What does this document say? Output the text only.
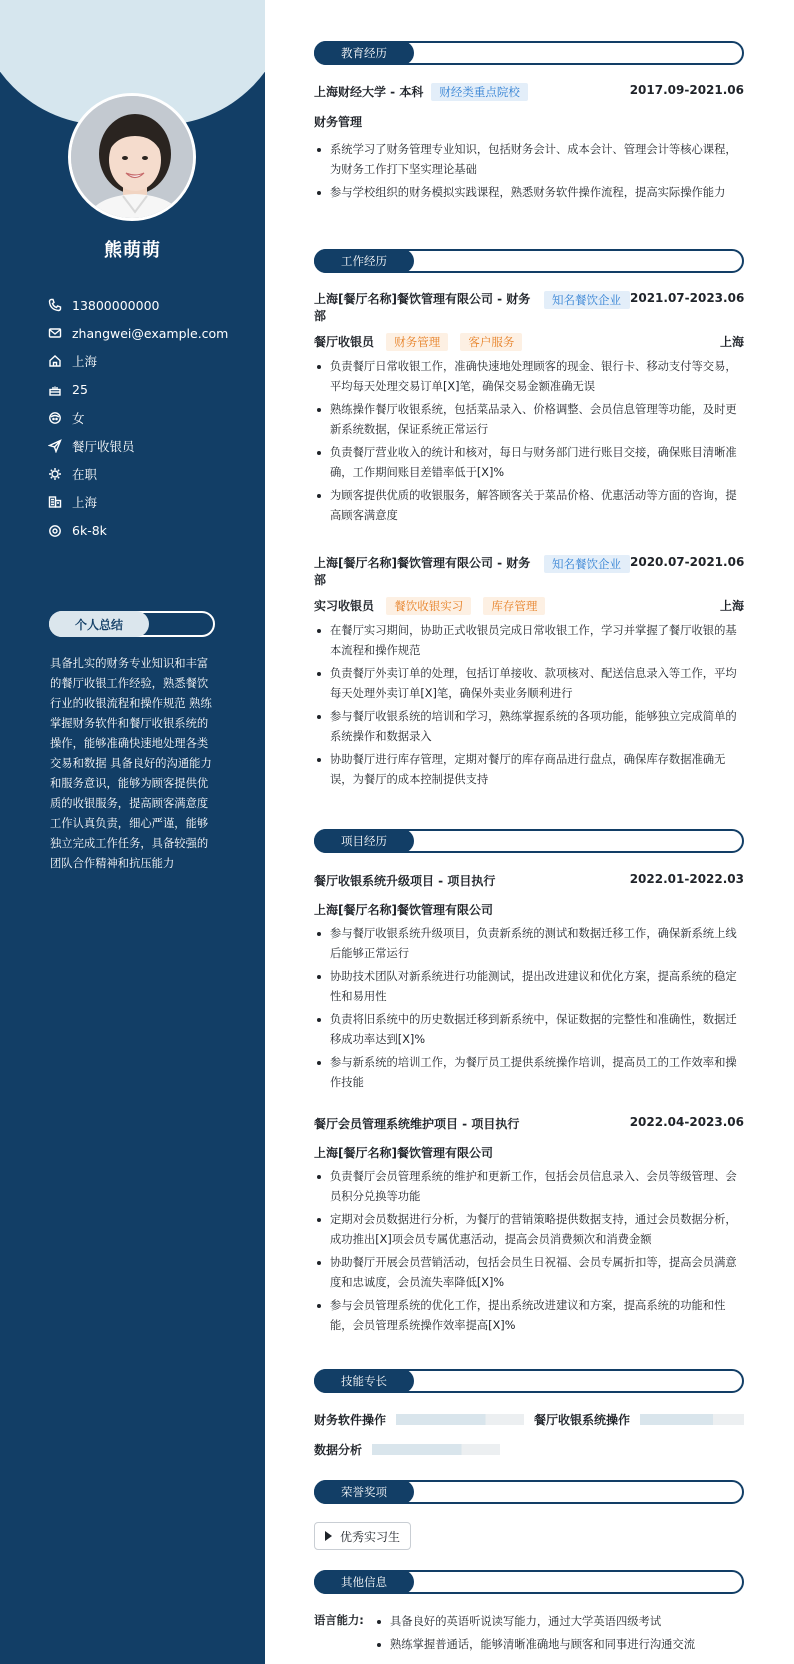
熊萌萌
13800000000
zhangwei@example.com
上海
25
女
餐厅收银员
在职
上海
6k-8k
个人总结
具备扎实的财务专业知识和丰富的餐厅收银工作经验，熟悉餐饮行业的收银流程和操作规范 熟练掌握财务软件和餐厅收银系统的操作，能够准确快速地处理各类交易和数据 具备良好的沟通能力和服务意识，能够为顾客提供优质的收银服务，提高顾客满意度 工作认真负责，细心严谨，能够独立完成工作任务，具备较强的团队合作精神和抗压能力
教育经历
上海财经大学 - 本科	财经类重点院校	2017.09-2021.06
财务管理
系统学习了财务管理专业知识，包括财务会计、成本会计、管理会计等核心课程，为财务工作打下坚实理论基础
参与学校组织的财务模拟实践课程，熟悉财务软件操作流程，提高实际操作能力
工作经历
上海[餐厅名称]餐饮管理有限公司 - 财务部
知名餐饮企业 2021.07-2023.06
餐厅收银员 财务管理 客户服务	上海
负责餐厅日常收银工作，准确快速地处理顾客的现金、银行卡、移动支付等交易，平均每天处理交易订单[X]笔，确保交易金额准确无误
熟练操作餐厅收银系统，包括菜品录入、价格调整、会员信息管理等功能，及时更新系统数据，保证系统正常运行
负责餐厅营业收入的统计和核对，每日与财务部门进行账目交接，确保账目清晰准确，工作期间账目差错率低于[X]%
为顾客提供优质的收银服务，解答顾客关于菜品价格、优惠活动等方面的咨询，提高顾客满意度
上海[餐厅名称]餐饮管理有限公司 - 财务部
知名餐饮企业 2020.07-2021.06
实习收银员 餐饮收银实习 库存管理	上海
在餐厅实习期间，协助正式收银员完成日常收银工作，学习并掌握了餐厅收银的基本流程和操作规范
负责餐厅外卖订单的处理，包括订单接收、款项核对、配送信息录入等工作，平均每天处理外卖订单[X]笔，确保外卖业务顺利进行
参与餐厅收银系统的培训和学习，熟练掌握系统的各项功能，能够独立完成简单的系统操作和数据录入
协助餐厅进行库存管理，定期对餐厅的库存商品进行盘点，确保库存数据准确无误，为餐厅的成本控制提供支持
项目经历
餐厅收银系统升级项目 - 项目执行	2022.01-2022.03
上海[餐厅名称]餐饮管理有限公司
参与餐厅收银系统升级项目，负责新系统的测试和数据迁移工作，确保新系统上线后能够正常运行
协助技术团队对新系统进行功能测试，提出改进建议和优化方案，提高系统的稳定性和易用性
负责将旧系统中的历史数据迁移到新系统中，保证数据的完整性和准确性，数据迁移成功率达到[X]%
参与新系统的培训工作，为餐厅员工提供系统操作培训，提高员工的工作效率和操作技能
餐厅会员管理系统维护项目 - 项目执行	2022.04-2023.06
上海[餐厅名称]餐饮管理有限公司
负责餐厅会员管理系统的维护和更新工作，包括会员信息录入、会员等级管理、会员积分兑换等功能
定期对会员数据进行分析，为餐厅的营销策略提供数据支持，通过会员数据分析，成功推出[X]项会员专属优惠活动，提高会员消费频次和消费金额
协助餐厅开展会员营销活动，包括会员生日祝福、会员专属折扣等，提高会员满意度和忠诚度，会员流失率降低[X]%
参与会员管理系统的优化工作，提出系统改进建议和方案，提高系统的功能和性能，会员管理系统操作效率提高[X]%
技能专长
财务软件操作	餐厅收银系统操作
数据分析
荣誉奖项
优秀实习生
其他信息
语言能力:	具备良好的英语听说读写能力，通过大学英语四级考试
熟练掌握普通话，能够清晰准确地与顾客和同事进行沟通交流
